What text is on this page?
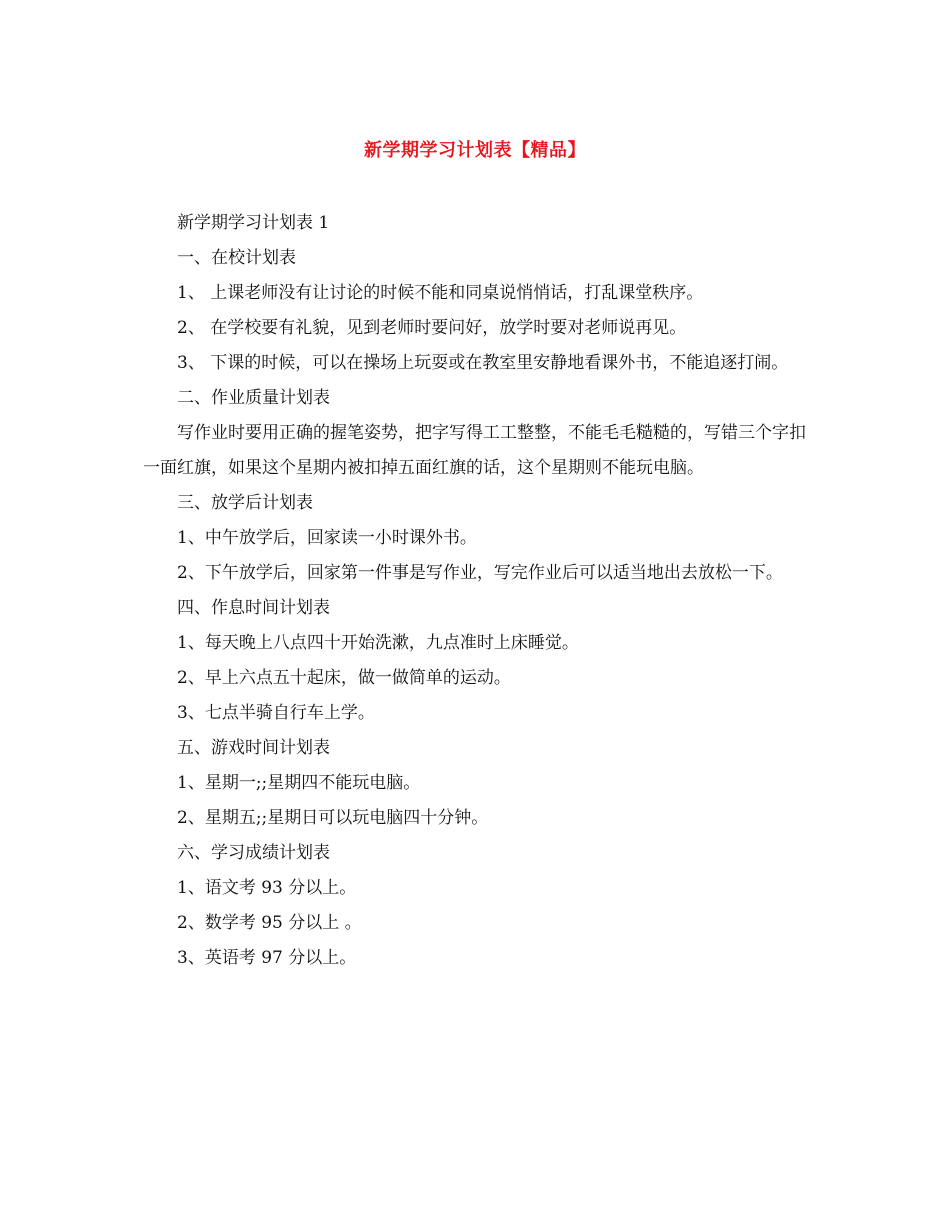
新学期学习计划表【精品】

新学期学习计划表 1

一、在校计划表

1、 上课老师没有让讨论的时候不能和同桌说悄悄话，打乱课堂秩序。

2、 在学校要有礼貌，见到老师时要问好，放学时要对老师说再见。

3、 下课的时候，可以在操场上玩耍或在教室里安静地看课外书，不能追逐打闹。

二、作业质量计划表

写作业时要用正确的握笔姿势，把字写得工工整整，不能毛毛糙糙的，写错三个字扣一面红旗，如果这个星期内被扣掉五面红旗的话，这个星期则不能玩电脑。

三、放学后计划表

1、中午放学后，回家读一小时课外书。

2、下午放学后，回家第一件事是写作业，写完作业后可以适当地出去放松一下。

四、作息时间计划表

1、每天晚上八点四十开始洗漱，九点准时上床睡觉。

2、早上六点五十起床，做一做简单的运动。

3、七点半骑自行车上学。

五、游戏时间计划表

1、星期一;;星期四不能玩电脑。

2、星期五;;星期日可以玩电脑四十分钟。

六、学习成绩计划表

1、语文考 93 分以上。

2、数学考 95 分以上 。

3、英语考 97 分以上。
